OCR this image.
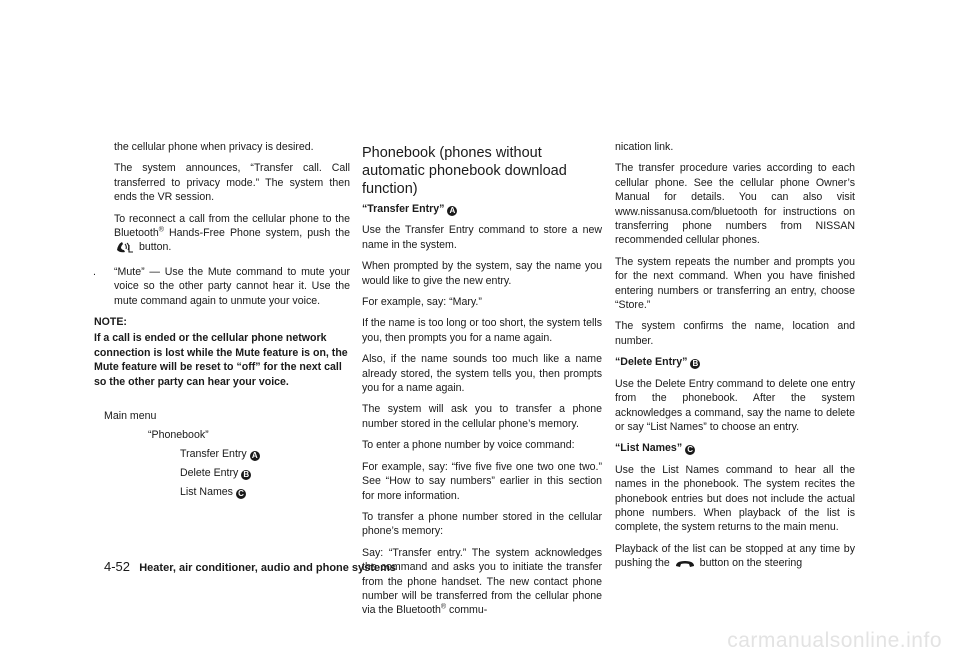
the cellular phone when privacy is desired.

The system announces, “Transfer call. Call transferred to privacy mode.” The system then ends the VR session.

To reconnect a call from the cellular phone to the Bluetooth® Hands-Free Phone system, push the  button.

.	“Mute” — Use the Mute command to mute your voice so the other party cannot hear it. Use the mute command again to unmute your voice.

NOTE:
If a call is ended or the cellular phone network connection is lost while the Mute feature is on, the Mute feature will be reset to “off” for the next call so the other party can hear your voice.
Main menu
“Phonebook”
Transfer Entry A
Delete Entry B
List Names C
Phonebook (phones without automatic phonebook download function)

“Transfer Entry” A

Use the Transfer Entry command to store a new name in the system.

When prompted by the system, say the name you would like to give the new entry.

For example, say: “Mary.”

If the name is too long or too short, the system tells you, then prompts you for a name again.

Also, if the name sounds too much like a name already stored, the system tells you, then prompts you for a name again.

The system will ask you to transfer a phone number stored in the cellular phone’s memory.

To enter a phone number by voice command:

For example, say: “five five five one two one two.” See “How to say numbers” earlier in this section for more information.

To transfer a phone number stored in the cellular phone’s memory:

Say: “Transfer entry.” The system acknowledges the command and asks you to initiate the transfer from the phone handset. The new contact phone number will be transferred from the cellular phone via the Bluetooth® commu-

nication link.

The transfer procedure varies according to each cellular phone. See the cellular phone Owner’s Manual for details. You can also visit www.nissanusa.com/bluetooth for instructions on transferring phone numbers from NISSAN recommended cellular phones.

The system repeats the number and prompts you for the next command. When you have finished entering numbers or transferring an entry, choose “Store.”

The system confirms the name, location and number.

“Delete Entry” B

Use the Delete Entry command to delete one entry from the phonebook. After the system acknowledges a command, say the name to delete or say “List Names” to choose an entry.

“List Names” C

Use the List Names command to hear all the names in the phonebook. The system recites the phonebook entries but does not include the actual phone numbers. When playback of the list is complete, the system returns to the main menu.

Playback of the list can be stopped at any time by pushing the  button on the steering

4-52 Heater, air conditioner, audio and phone systems
carmanualsonline.info
